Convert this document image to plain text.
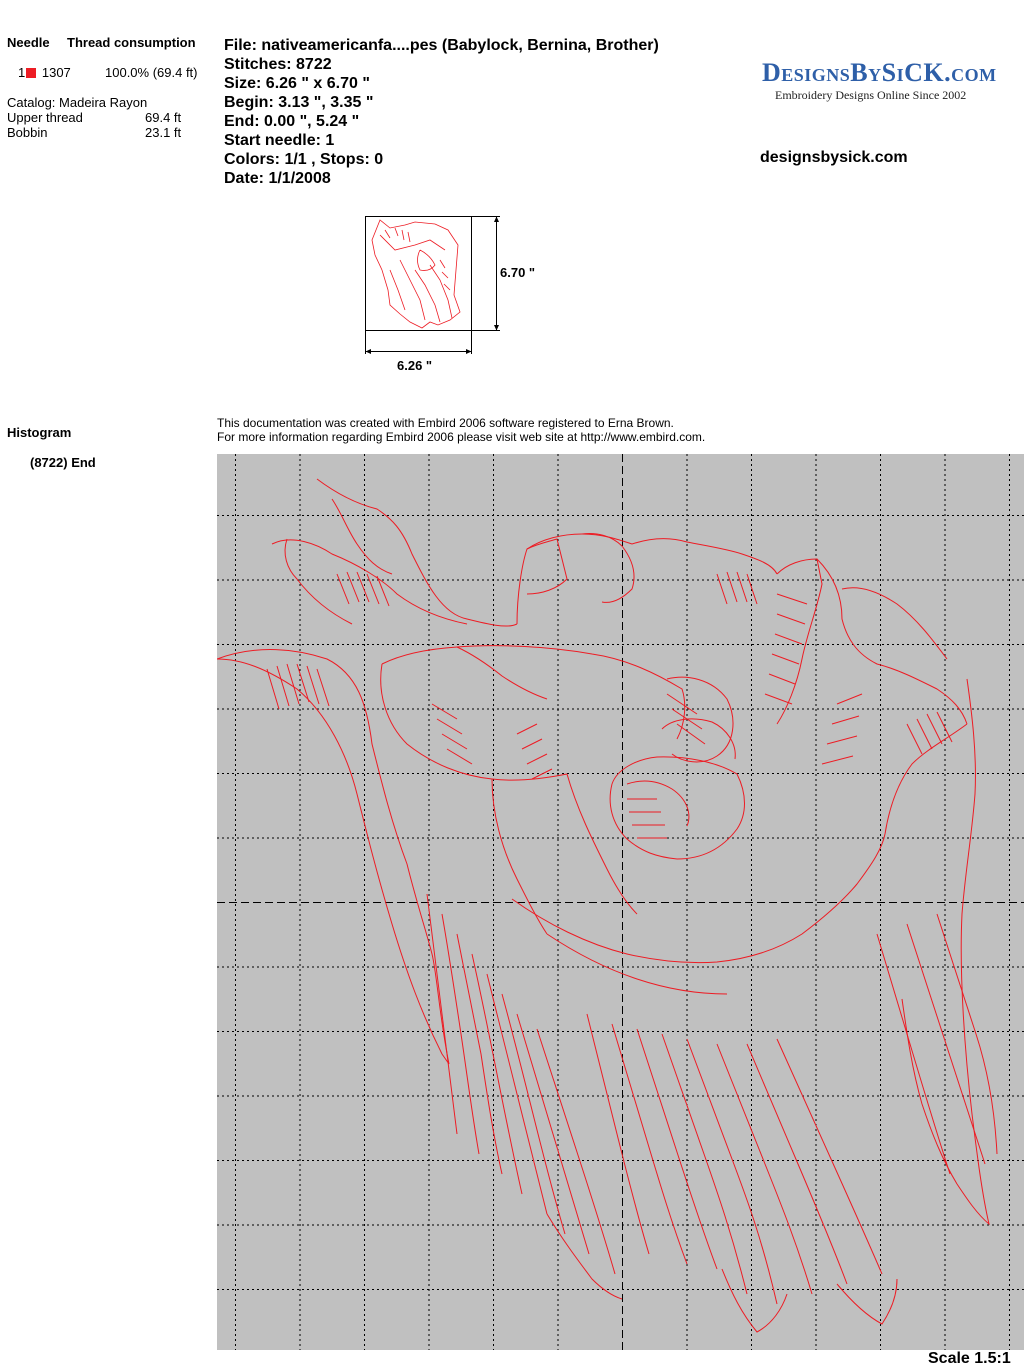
Needle Thread consumption
1 1307	100.0% (69.4 ft)
Catalog: Madeira Rayon
Upper thread	69.4 ft
Bobbin	23.1 ft
File: nativeamericanfa....pes (Babylock, Bernina, Brother)
Stitches: 8722
Size: 6.26 " x 6.70 "
Begin: 3.13 ", 3.35 "
End: 0.00 ", 5.24 "
Start needle: 1
Colors: 1/1 , Stops: 0
Date: 1/1/2008
DesignsBySiCK.com
Embroidery Designs Online Since 2002
designsbysick.com
6.70 "
6.26 "
Histogram
(8722) End
This documentation was created with Embird 2006 software registered to Erna Brown.
For more information regarding Embird 2006 please visit web site at http://www.embird.com.
Scale 1.5:1
